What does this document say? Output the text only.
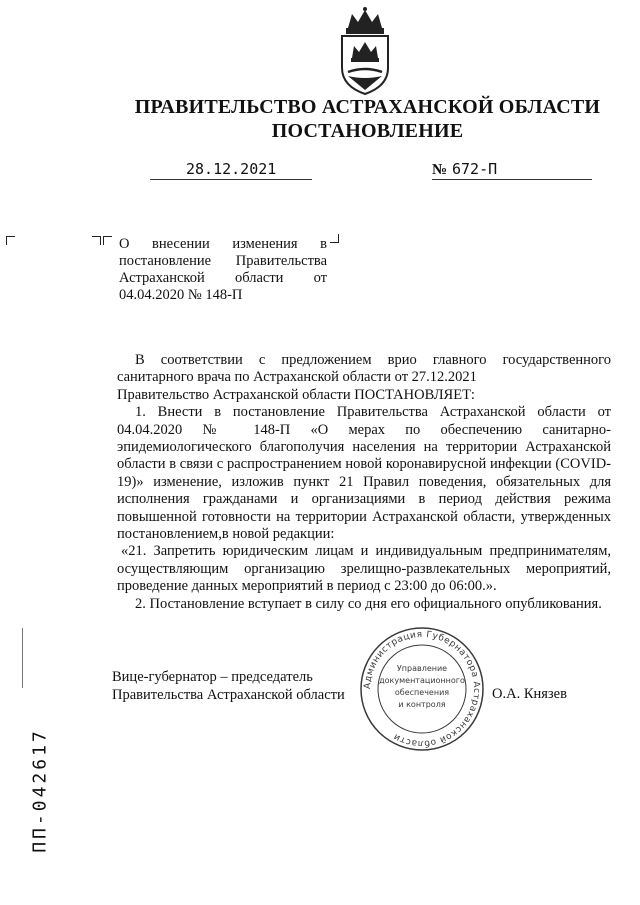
ПРАВИТЕЛЬСТВО АСТРАХАНСКОЙ ОБЛАСТИ
ПОСТАНОВЛЕНИЕ
28.12.2021	№ 672-П
О внесении изменения в постановление Правительства Астраханской области от 04.04.2020 № 148-П

В соответствии с предложением врио главного государственного санитарного врача по Астраханской области от 27.12.2021

Правительство Астраханской области ПОСТАНОВЛЯЕТ:

1. Внести в постановление Правительства Астраханской области от 04.04.2020 № 148-П «О мерах по обеспечению санитарно-эпидемиологического благополучия населения на территории Астраханской области в связи с распространением новой коронавирусной инфекции (COVID-19)» изменение, изложив пункт 21 Правил поведения, обязательных для исполнения гражданами и организациями в период действия режима повышенной готовности на территории Астраханской области, утвержденных постановлением,в новой редакции:

«21. Запретить юридическим лицам и индивидуальным предпринимателям, осуществляющим организацию зрелищно-развлекательных мероприятий, проведение данных мероприятий в период с 23:00 до 06:00.».

2. Постановление вступает в силу со дня его официального опубликования.

Вице-губернатор – председатель
Правительства Астраханской области	О.А. Князев
Администрация Губернатора Астраханской области
Управление
документационного
обеспечения
и контроля
ПП-042617
